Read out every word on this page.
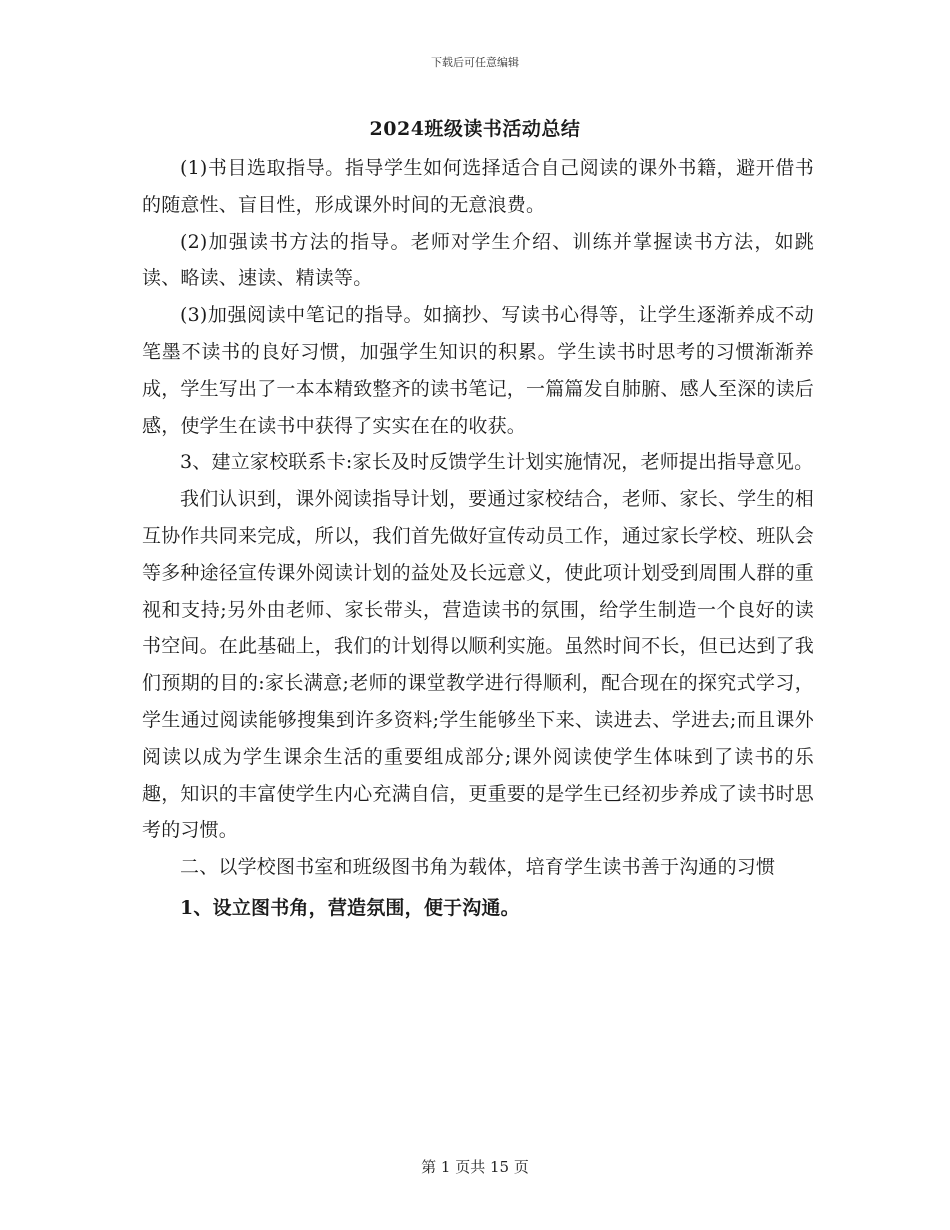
下载后可任意编辑
2024班级读书活动总结

(1)书目选取指导。指导学生如何选择适合自己阅读的课外书籍，避开借书的随意性、盲目性，形成课外时间的无意浪费。

(2)加强读书方法的指导。老师对学生介绍、训练并掌握读书方法，如跳读、略读、速读、精读等。

(3)加强阅读中笔记的指导。如摘抄、写读书心得等，让学生逐渐养成不动笔墨不读书的良好习惯，加强学生知识的积累。学生读书时思考的习惯渐渐养成，学生写出了一本本精致整齐的读书笔记，一篇篇发自肺腑、感人至深的读后感，使学生在读书中获得了实实在在的收获。

3、建立家校联系卡:家长及时反馈学生计划实施情况，老师提出指导意见。

我们认识到，课外阅读指导计划，要通过家校结合，老师、家长、学生的相互协作共同来完成，所以，我们首先做好宣传动员工作，通过家长学校、班队会等多种途径宣传课外阅读计划的益处及长远意义，使此项计划受到周围人群的重视和支持;另外由老师、家长带头，营造读书的氛围，给学生制造一个良好的读书空间。在此基础上，我们的计划得以顺利实施。虽然时间不长，但已达到了我们预期的目的:家长满意;老师的课堂教学进行得顺利，配合现在的探究式学习，学生通过阅读能够搜集到许多资料;学生能够坐下来、读进去、学进去;而且课外阅读以成为学生课余生活的重要组成部分;课外阅读使学生体味到了读书的乐趣，知识的丰富使学生内心充满自信，更重要的是学生已经初步养成了读书时思考的习惯。

二、以学校图书室和班级图书角为载体，培育学生读书善于沟通的习惯

1、设立图书角，营造氛围，便于沟通。

第 1 页共 15 页
